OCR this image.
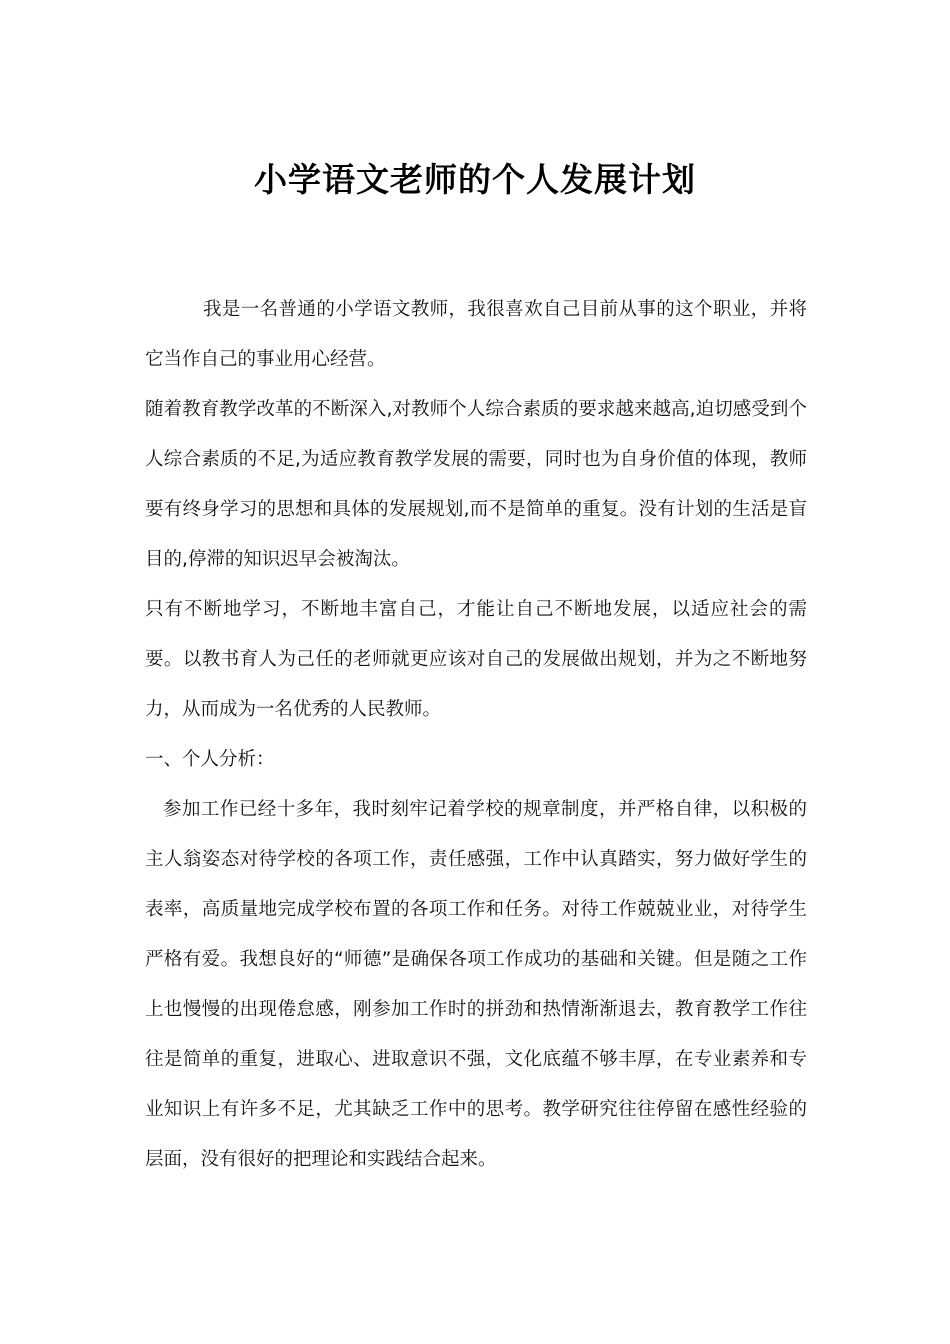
小学语文老师的个人发展计划

我是一名普通的小学语文教师，我很喜欢自己目前从事的这个职业，并将它当作自己的事业用心经营。

随着教育教学改革的不断深入,对教师个人综合素质的要求越来越高,迫切感受到个人综合素质的不足,为适应教育教学发展的需要，同时也为自身价值的体现，教师要有终身学习的思想和具体的发展规划,而不是简单的重复。没有计划的生活是盲目的,停滞的知识迟早会被淘汰。

只有不断地学习，不断地丰富自己，才能让自己不断地发展，以适应社会的需要。以教书育人为己任的老师就更应该对自己的发展做出规划，并为之不断地努力，从而成为一名优秀的人民教师。

一、个人分析：

参加工作已经十多年，我时刻牢记着学校的规章制度，并严格自律，以积极的主人翁姿态对待学校的各项工作，责任感强，工作中认真踏实，努力做好学生的表率，高质量地完成学校布置的各项工作和任务。对待工作兢兢业业，对待学生严格有爱。我想良好的“师德”是确保各项工作成功的基础和关键。但是随之工作上也慢慢的出现倦怠感，刚参加工作时的拼劲和热情渐渐退去，教育教学工作往往是简单的重复，进取心、进取意识不强，文化底蕴不够丰厚，在专业素养和专业知识上有许多不足，尤其缺乏工作中的思考。教学研究往往停留在感性经验的层面，没有很好的把理论和实践结合起来。
